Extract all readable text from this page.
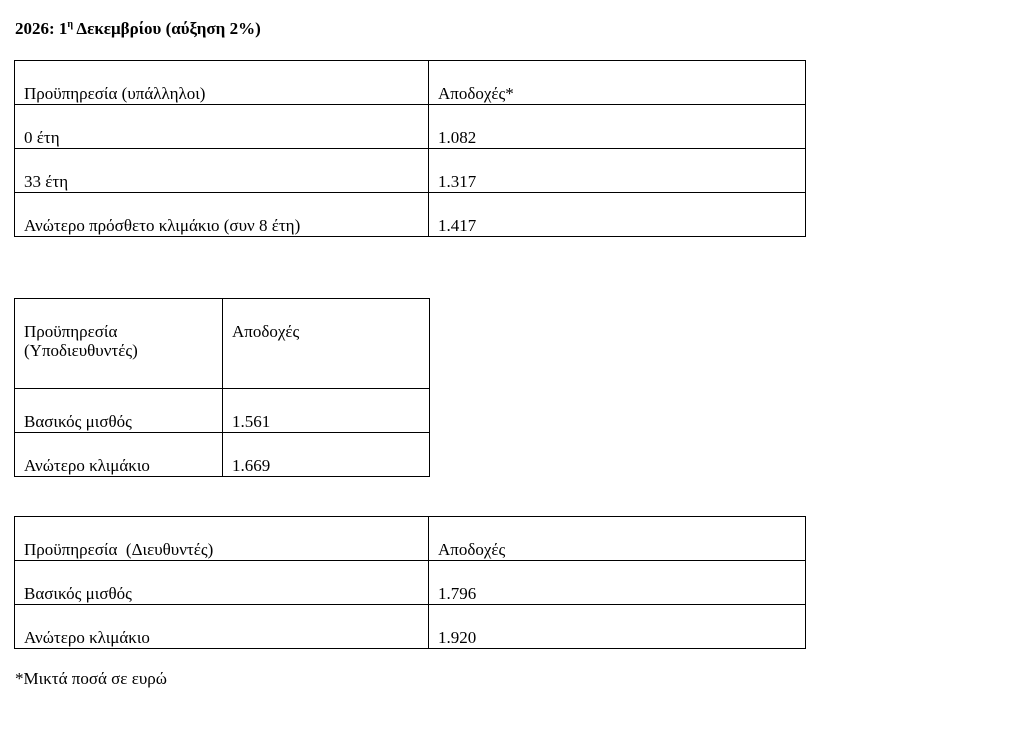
2026: $1^\eta$ Δεκεμβρίου (αύξηση 2%)
Προϋπηρεσία (υπάλληλοι)	Αποδοχές*
0 έτη	1.082
33 έτη	1.317
Ανώτερο πρόσθετο κλιμάκιο (συν 8 έτη)	1.417
Προϋπηρεσία (Υποδιευθυντές)	Αποδοχές
Βασικός μισθός	1.561
Ανώτερο κλιμάκιο	1.669
Προϋπηρεσία  (Διευθυντές)	Αποδοχές
Βασικός μισθός	1.796
Ανώτερο κλιμάκιο	1.920
*Μικτά ποσά σε ευρώ
